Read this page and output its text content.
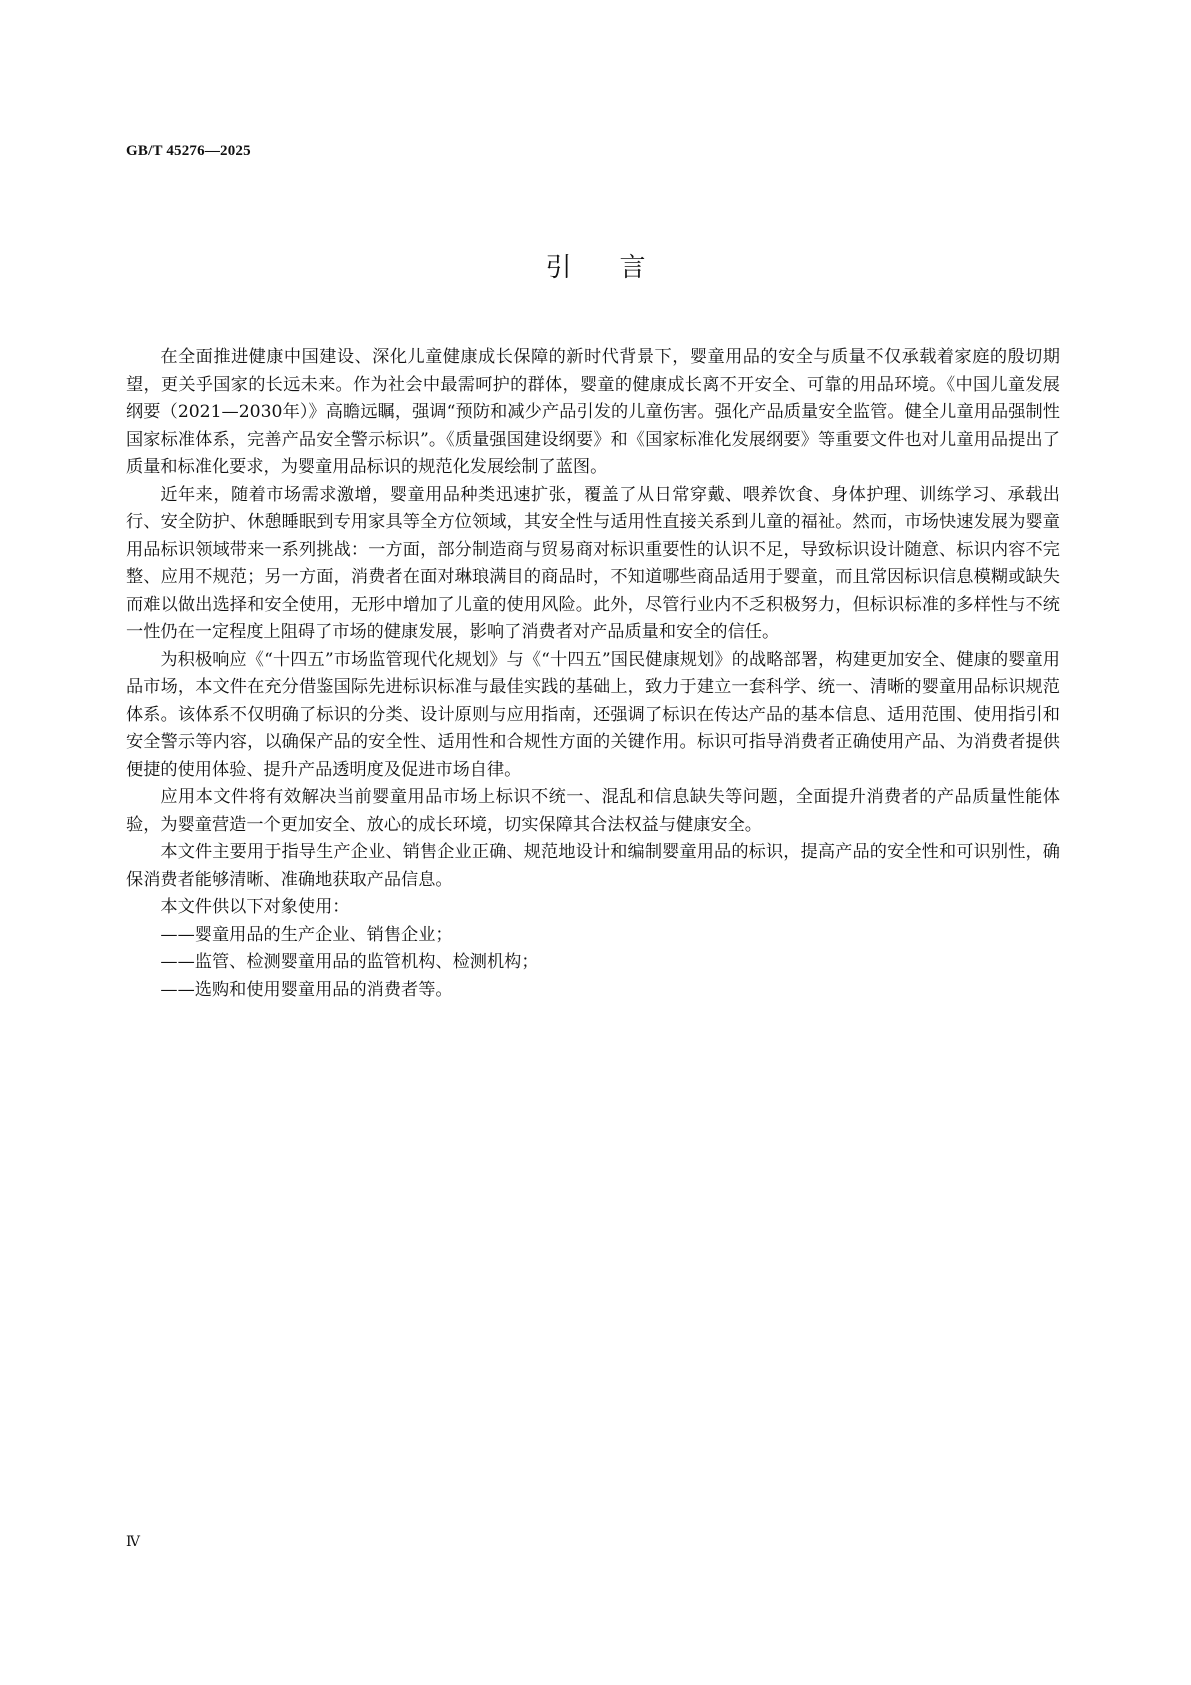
GB/T 45276—2025
引言

在全面推进健康中国建设、深化儿童健康成长保障的新时代背景下，婴童用品的安全与质量不仅承载着家庭的殷切期望，更关乎国家的长远未来。作为社会中最需呵护的群体，婴童的健康成长离不开安全、可靠的用品环境。《中国儿童发展纲要（2021—2030年）》高瞻远瞩，强调“预防和减少产品引发的儿童伤害。强化产品质量安全监管。健全儿童用品强制性国家标准体系，完善产品安全警示标识”。《质量强国建设纲要》和《国家标准化发展纲要》等重要文件也对儿童用品提出了质量和标准化要求，为婴童用品标识的规范化发展绘制了蓝图。

近年来，随着市场需求激增，婴童用品种类迅速扩张，覆盖了从日常穿戴、喂养饮食、身体护理、训练学习、承载出行、安全防护、休憩睡眠到专用家具等全方位领域，其安全性与适用性直接关系到儿童的福祉。然而，市场快速发展为婴童用品标识领域带来一系列挑战：一方面，部分制造商与贸易商对标识重要性的认识不足，导致标识设计随意、标识内容不完整、应用不规范；另一方面，消费者在面对琳琅满目的商品时，不知道哪些商品适用于婴童，而且常因标识信息模糊或缺失而难以做出选择和安全使用，无形中增加了儿童的使用风险。此外，尽管行业内不乏积极努力，但标识标准的多样性与不统一性仍在一定程度上阻碍了市场的健康发展，影响了消费者对产品质量和安全的信任。

为积极响应《“十四五”市场监管现代化规划》与《“十四五”国民健康规划》的战略部署，构建更加安全、健康的婴童用品市场，本文件在充分借鉴国际先进标识标准与最佳实践的基础上，致力于建立一套科学、统一、清晰的婴童用品标识规范体系。该体系不仅明确了标识的分类、设计原则与应用指南，还强调了标识在传达产品的基本信息、适用范围、使用指引和安全警示等内容，以确保产品的安全性、适用性和合规性方面的关键作用。标识可指导消费者正确使用产品、为消费者提供便捷的使用体验、提升产品透明度及促进市场自律。

应用本文件将有效解决当前婴童用品市场上标识不统一、混乱和信息缺失等问题，全面提升消费者的产品质量性能体验，为婴童营造一个更加安全、放心的成长环境，切实保障其合法权益与健康安全。

本文件主要用于指导生产企业、销售企业正确、规范地设计和编制婴童用品的标识，提高产品的安全性和可识别性，确保消费者能够清晰、准确地获取产品信息。

本文件供以下对象使用：

——婴童用品的生产企业、销售企业；

——监管、检测婴童用品的监管机构、检测机构；

——选购和使用婴童用品的消费者等。

Ⅳ
